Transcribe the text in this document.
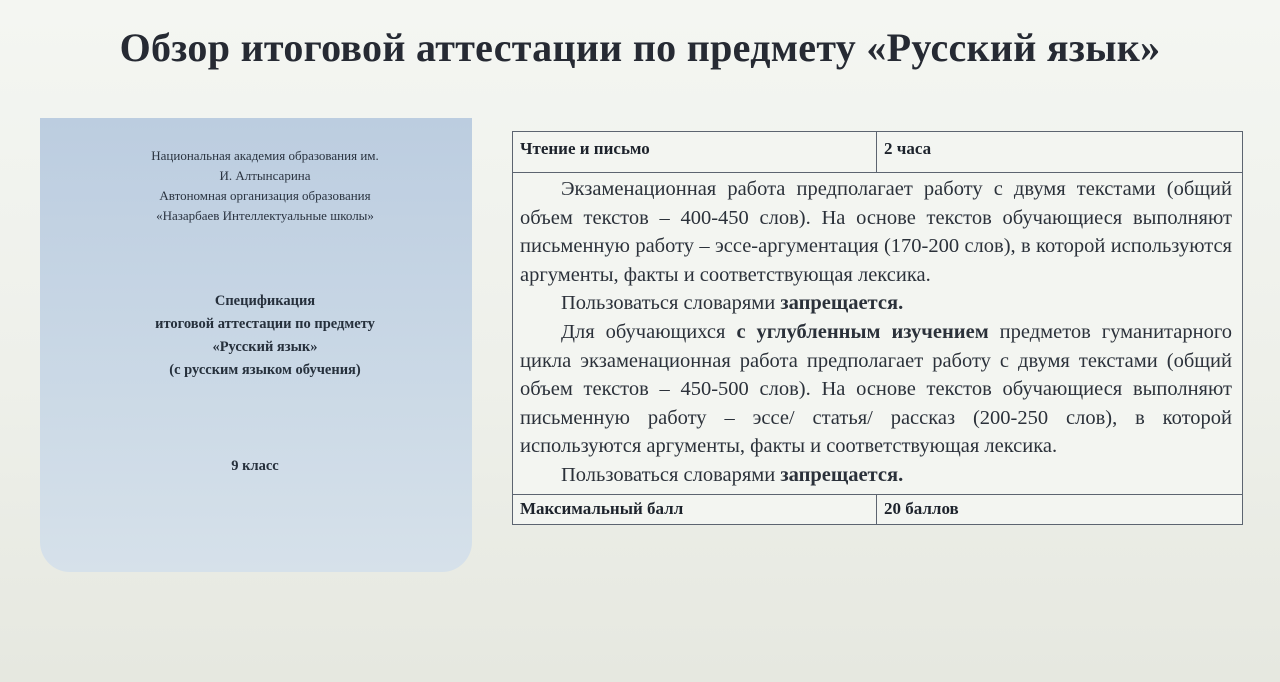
Обзор итоговой аттестации по предмету «Русский язык»
Национальная академия образования им.
И. Алтынсарина
Автономная организация образования
«Назарбаев Интеллектуальные школы»
Спецификация
итоговой аттестации по предмету
«Русский язык»
(с русским языком обучения)
9 класс
Чтение и письмо	2 часа
Экзаменационная работа предполагает работу с двумя текстами (общий объем текстов – 400-450 слов). На основе текстов обучающиеся выполняют письменную работу – эссе-аргументация (170-200 слов), в которой используются аргументы, факты и соответствующая лексика.
Пользоваться словарями запрещается.
Для обучающихся с углубленным изучением предметов гуманитарного цикла экзаменационная работа предполагает работу с двумя текстами (общий объем текстов – 450-500 слов). На основе текстов обучающиеся выполняют письменную работу – эссе/ статья/ рассказ (200-250 слов), в которой используются аргументы, факты и соответствующая лексика.
Пользоваться словарями запрещается.
Максимальный балл	20 баллов
